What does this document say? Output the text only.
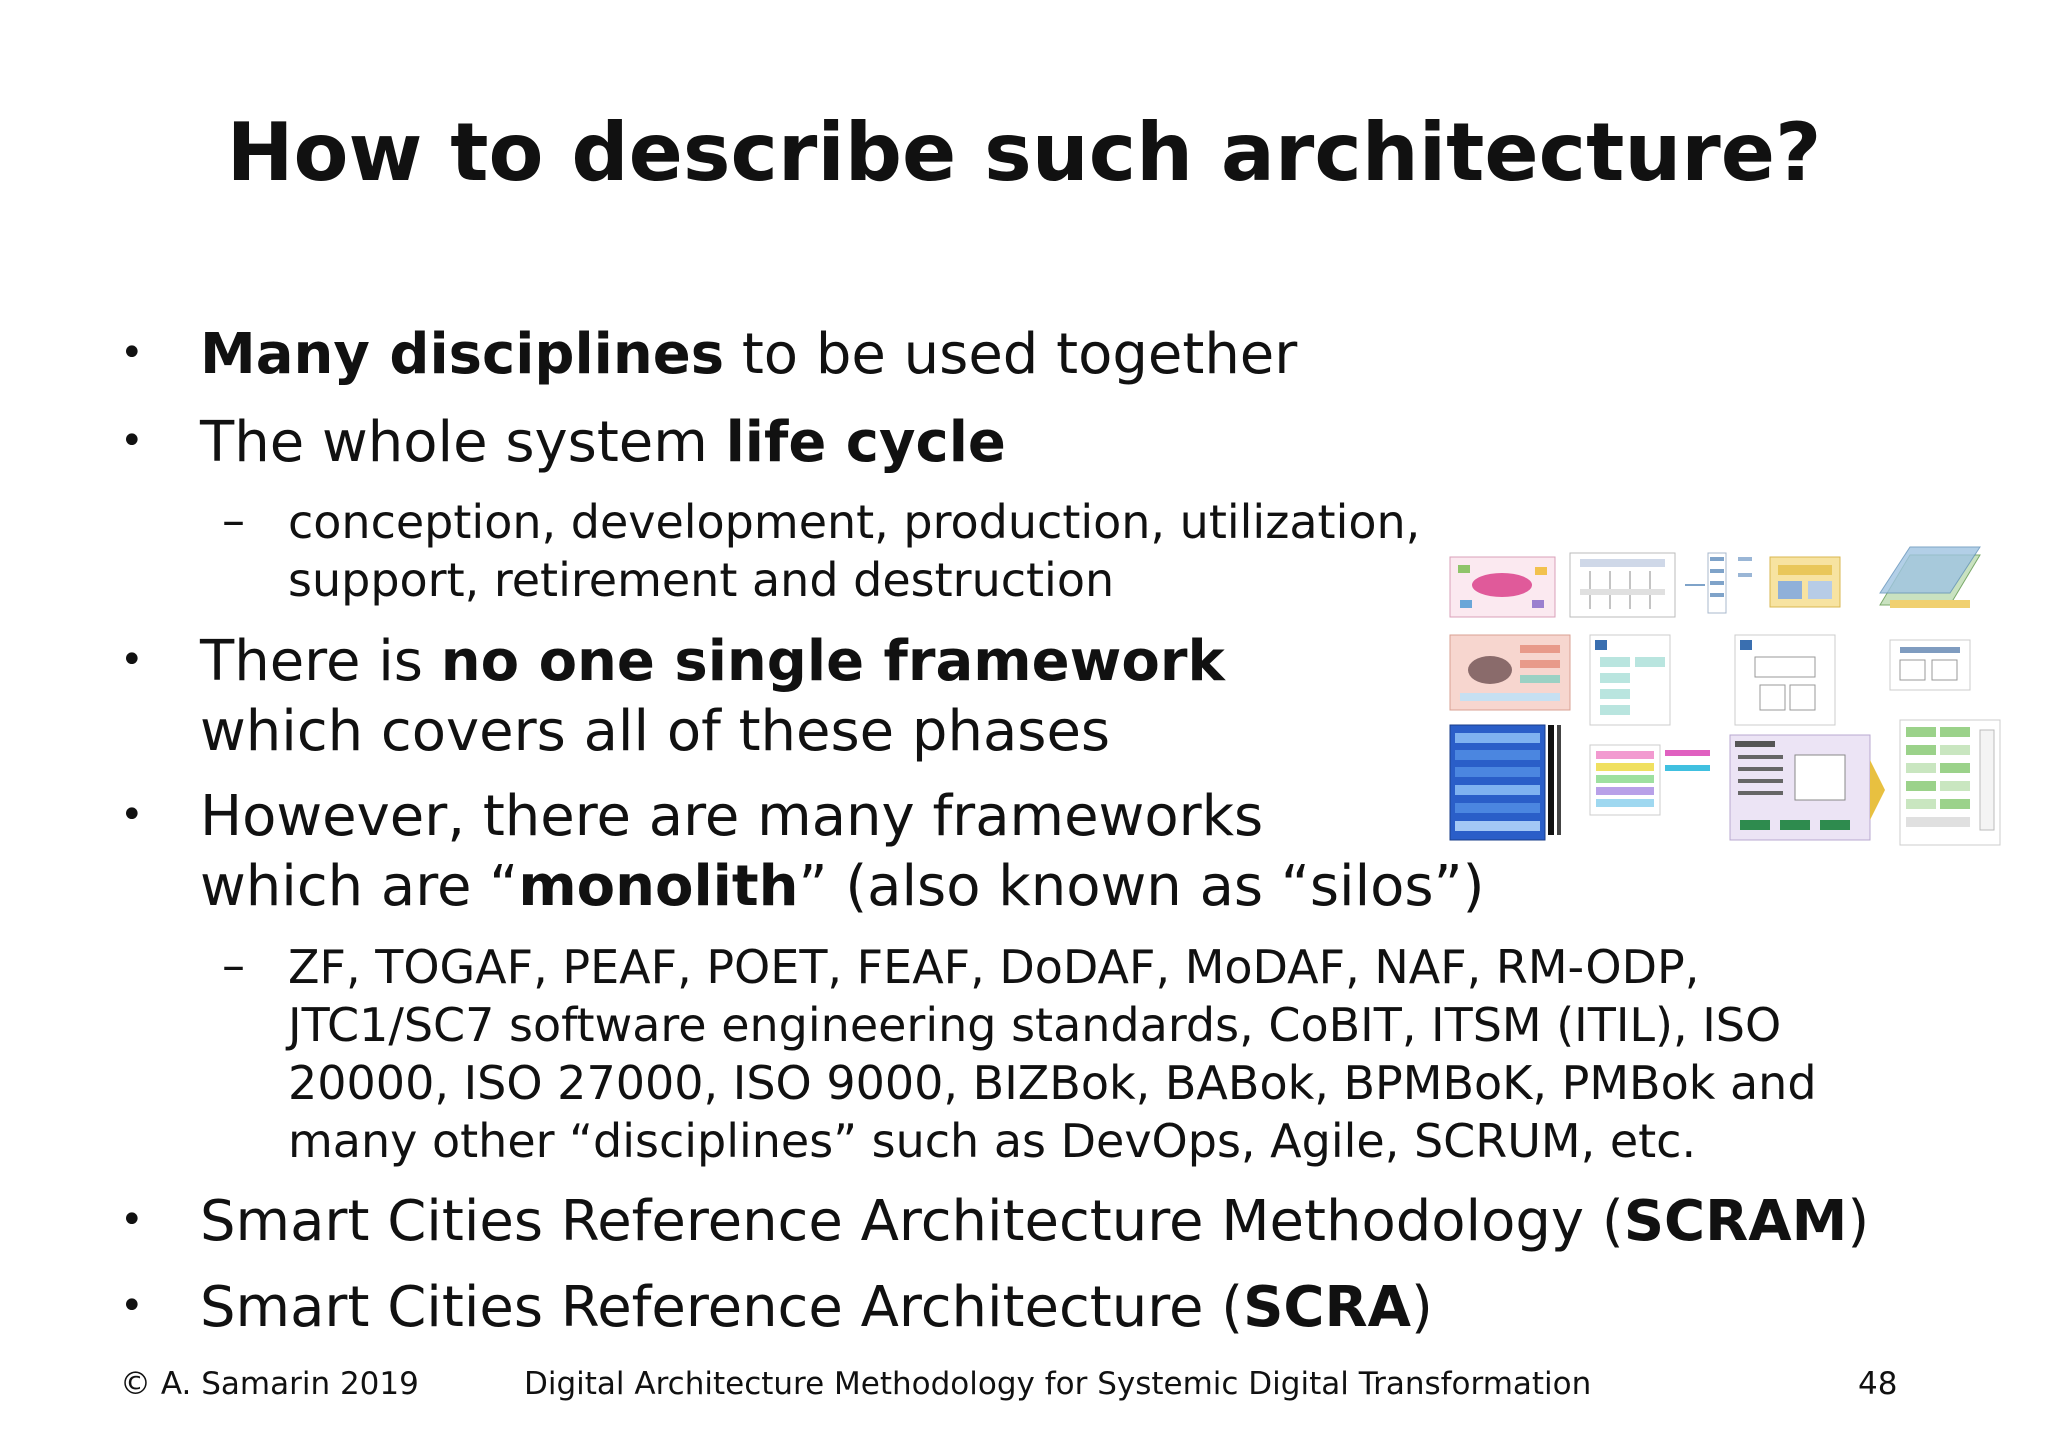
How to describe such architecture?
• Many disciplines to be used together
• The whole system life cycle
– conception, development, production, utilization,
support, retirement and destruction
• There is no one single framework
which covers all of these phases
• However, there are many frameworks
which are “monolith” (also known as “silos”)
– ZF, TOGAF, PEAF, POET, FEAF, DoDAF, MoDAF, NAF, RM-ODP,
JTC1/SC7 software engineering standards, CoBIT, ITSM (ITIL), ISO
20000, ISO 27000, ISO 9000, BIZBok, BABok, BPMBoK, PMBok and
many other “disciplines” such as DevOps, Agile, SCRUM, etc.
• Smart Cities Reference Architecture Methodology (SCRAM)
• Smart Cities Reference Architecture (SCRA)
© A. Samarin 2019	Digital Architecture Methodology for Systemic Digital Transformation	48
